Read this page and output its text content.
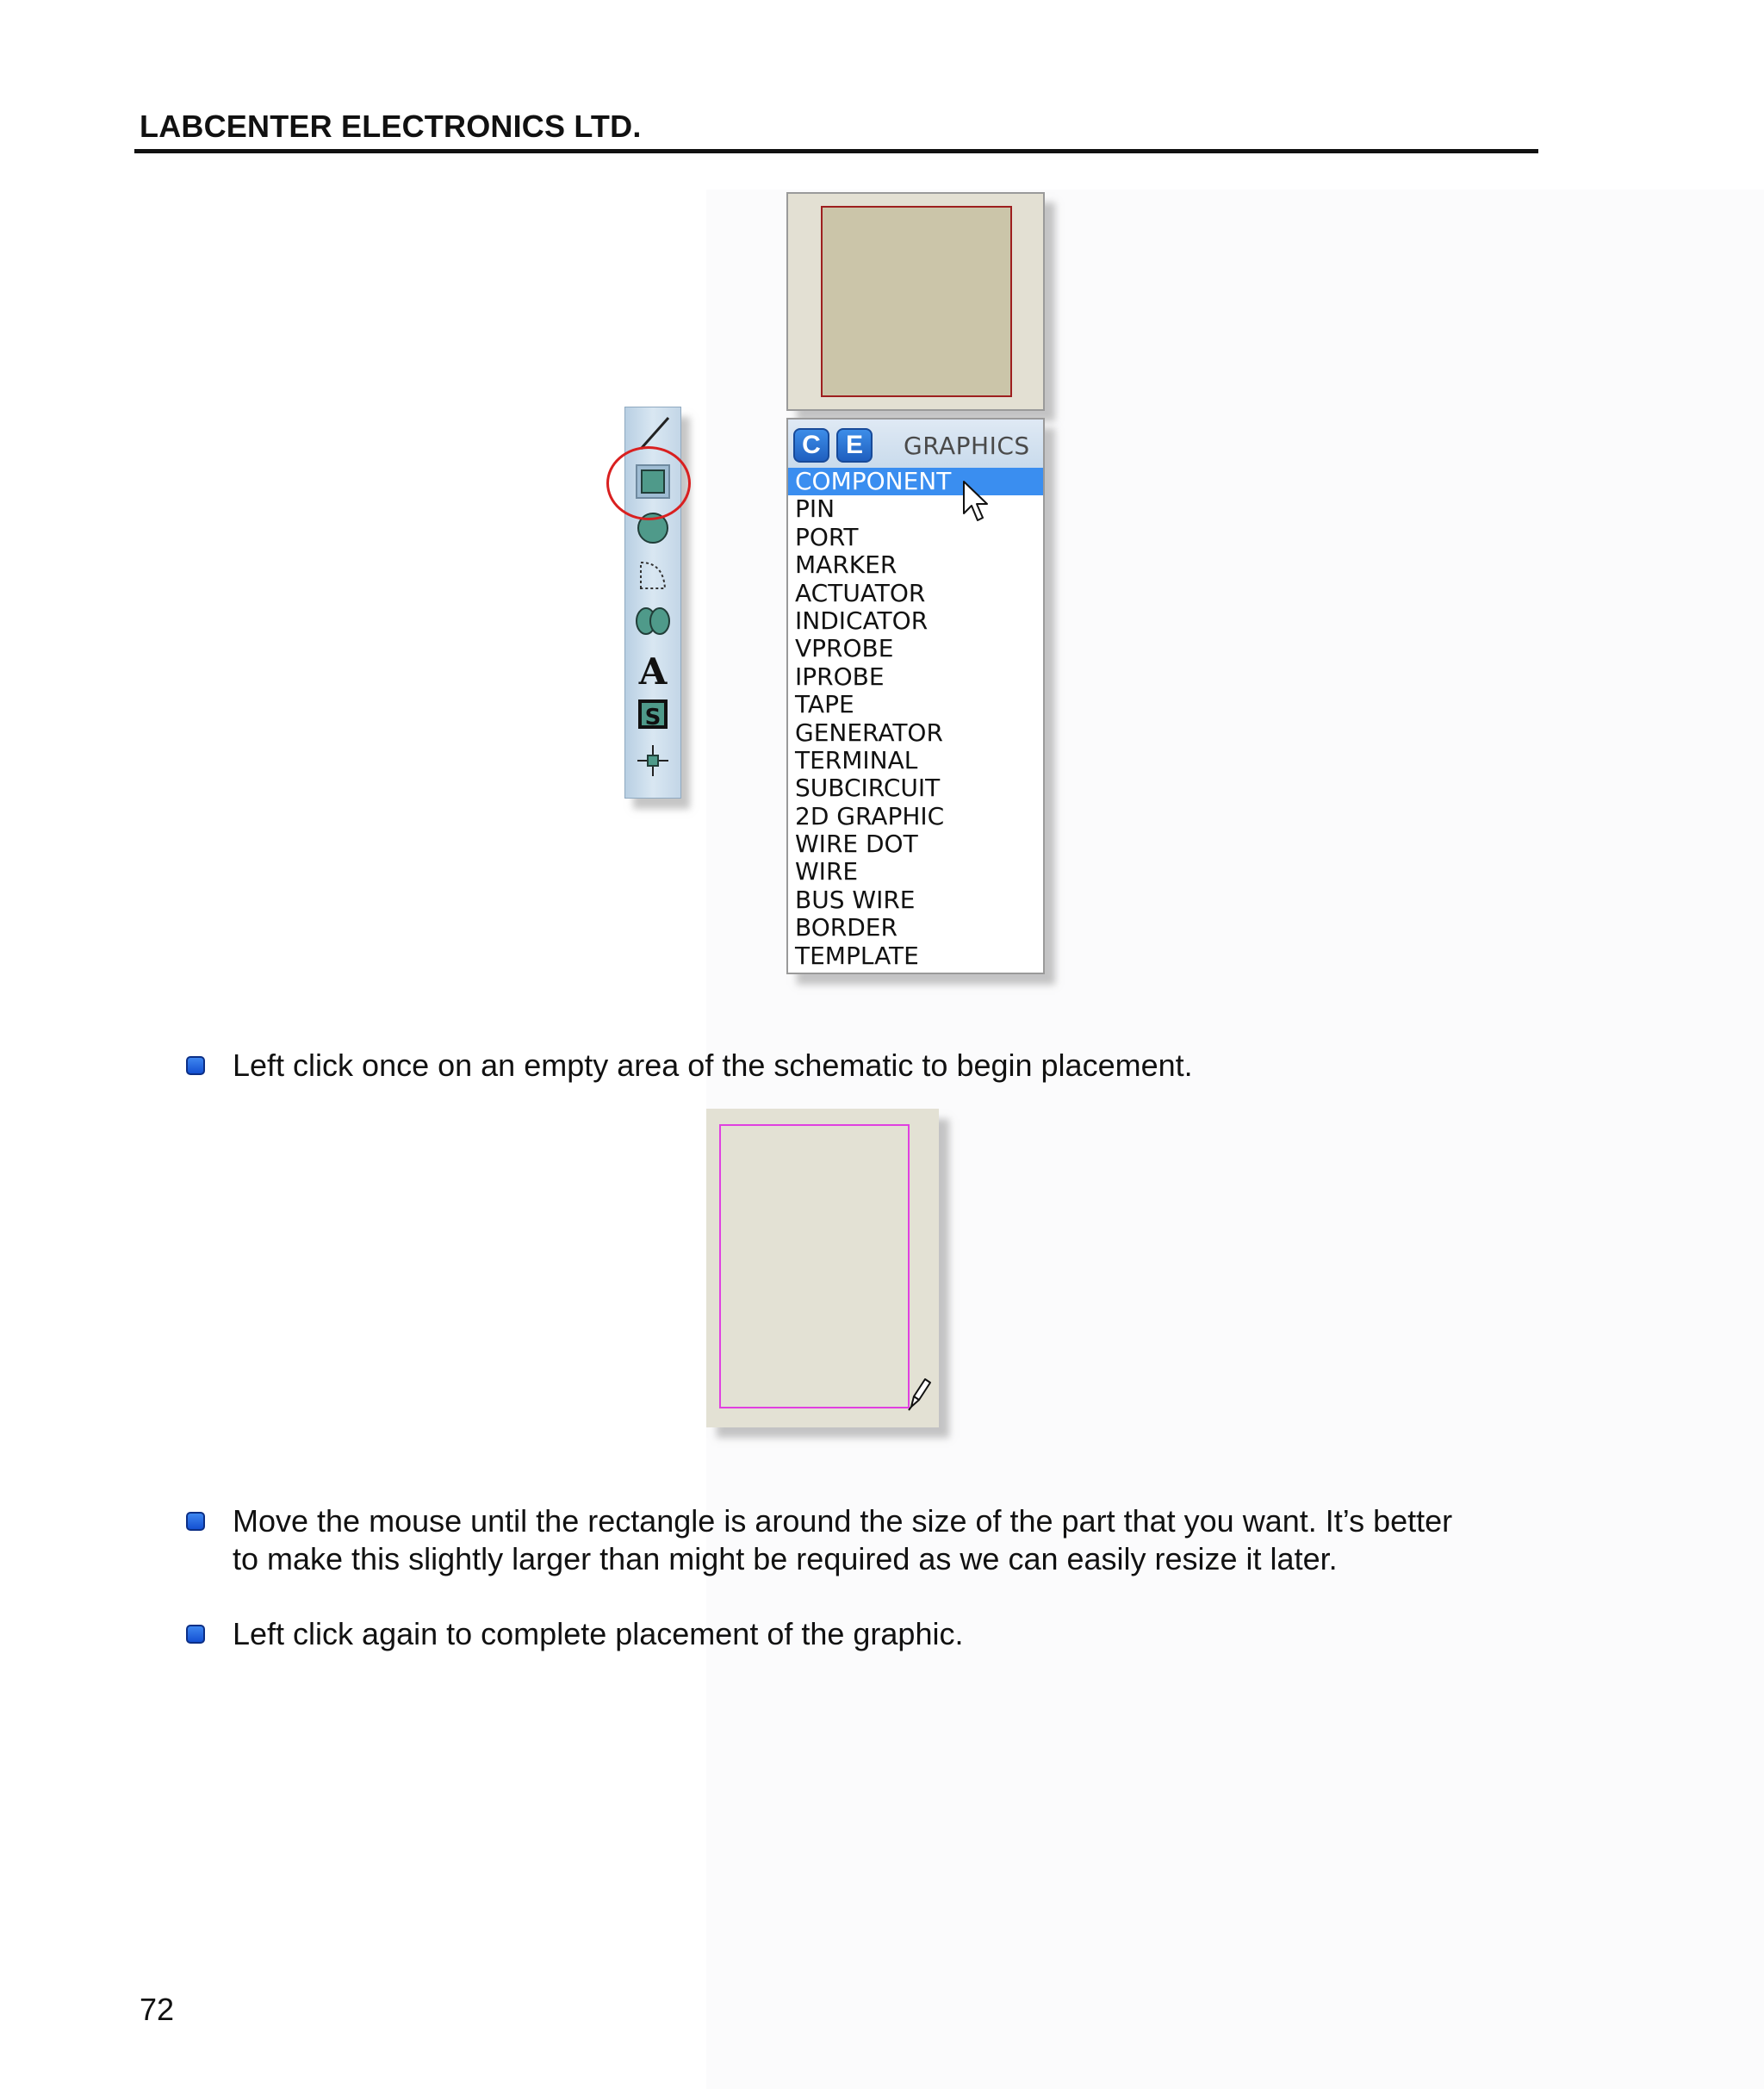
LABCENTER ELECTRONICS LTD.
A
S
C E GRAPHICS
COMPONENT
PIN
PORT
MARKER
ACTUATOR
INDICATOR
VPROBE
IPROBE
TAPE
GENERATOR
TERMINAL
SUBCIRCUIT
2D GRAPHIC
WIRE DOT
WIRE
BUS WIRE
BORDER
TEMPLATE
Left click once on an empty area of the schematic to begin placement.
Move the mouse until the rectangle is around the size of the part that you want. It’s better
to make this slightly larger than might be required as we can easily resize it later.
Left click again to complete placement of the graphic.
72
